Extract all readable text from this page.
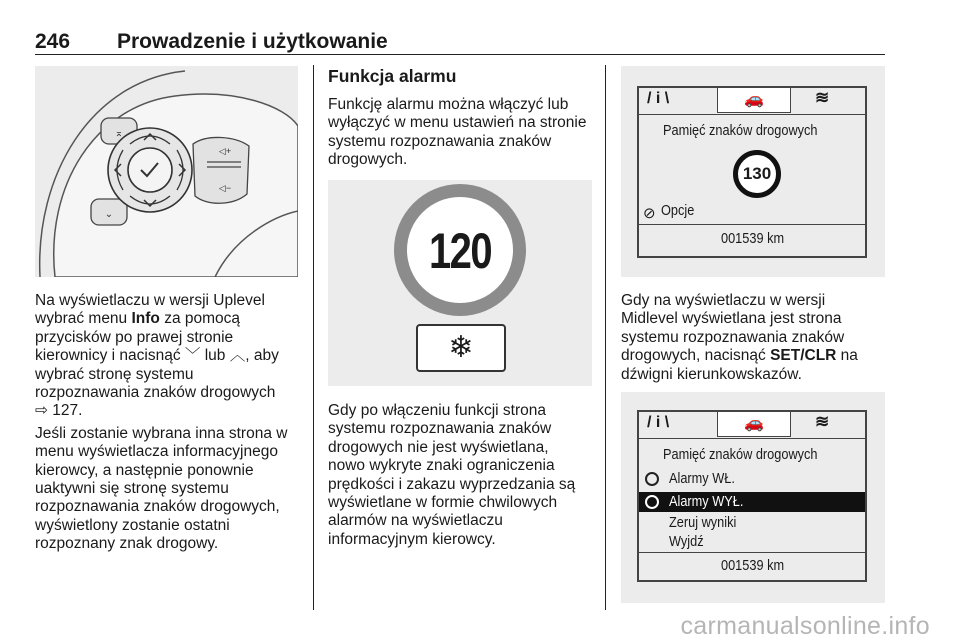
246 Prowadzenie i użytkowanie
⌅
⌄
◁+
◁−
Na wyświetlaczu w wersji Uplevel
wybrać menu Info za pomocą
przycisków po prawej stronie
kierownicy i nacisnąć ﹀ lub ︿, aby
wybrać stronę systemu
rozpoznawania znaków drogowych
⇨ 127.
Jeśli zostanie wybrana inna strona w
menu wyświetlacza informacyjnego
kierowcy, a następnie ponownie
uaktywni się stronę systemu
rozpoznawania znaków drogowych,
wyświetlony zostanie ostatni
rozpoznany znak drogowy.
Funkcja alarmu
Funkcję alarmu można włączyć lub
wyłączyć w menu ustawień na stronie
systemu rozpoznawania znaków
drogowych.
120
❄
Gdy po włączeniu funkcji strona
systemu rozpoznawania znaków
drogowych nie jest wyświetlana,
nowo wykryte znaki ograniczenia
prędkości i zakazu wyprzedzania są
wyświetlane w formie chwilowych
alarmów na wyświetlaczu
informacyjnym kierowcy.
/ i \	🚗	≋
Pamięć znaków drogowych
130
⊘ Opcje
001539 km
Gdy na wyświetlaczu w wersji
Midlevel wyświetlana jest strona
systemu rozpoznawania znaków
drogowych, nacisnąć SET/CLR na
dźwigni kierunkowskazów.
/ i \	🚗	≋
Pamięć znaków drogowych
Alarmy WŁ.
Alarmy WYŁ.
Zeruj wyniki
Wyjdź
001539 km
carmanualsonline.info
